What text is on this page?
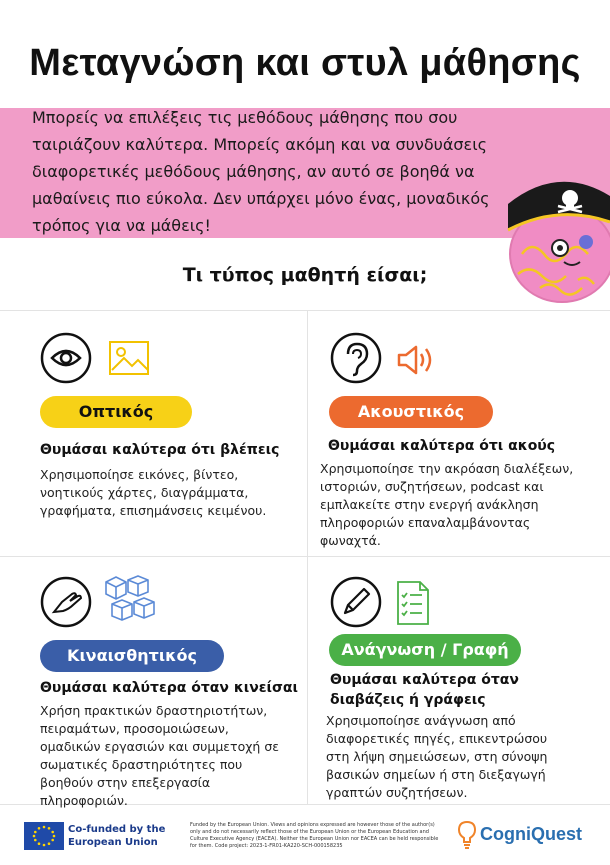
Μεταγνώση και στυλ μάθησης
Μπορείς να επιλέξεις τις μεθόδους μάθησης που σου ταιριάζουν καλύτερα. Μπορείς ακόμη και να συνδυάσεις διαφορετικές μεθόδους μάθησης, αν αυτό σε βοηθά να μαθαίνεις πιο εύκολα. Δεν υπάρχει μόνο ένας, μοναδικός τρόπος για να μάθεις!
Τι τύπος μαθητή είσαι;
Οπτικός
Θυμάσαι καλύτερα ότι βλέπεις
Χρησιμοποίησε εικόνες, βίντεο, νοητικούς χάρτες, διαγράμματα, γραφήματα, επισημάνσεις κειμένου.
Ακουστικός
Θυμάσαι καλύτερα ότι ακούς
Χρησιμοποίησε την ακρόαση διαλέξεων, ιστοριών, συζητήσεων, podcast και εμπλακείτε στην ενεργή ανάκληση πληροφοριών επαναλαμβάνοντας φωναχτά.
Κιναισθητικός
Θυμάσαι καλύτερα όταν κινείσαι
Χρήση πρακτικών δραστηριοτήτων, πειραμάτων, προσομοιώσεων, ομαδικών εργασιών και συμμετοχή σε σωματικές δραστηριότητες που βοηθούν στην επεξεργασία πληροφοριών.
Ανάγνωση / Γραφή
Θυμάσαι καλύτερα όταν διαβάζεις ή γράφεις
Χρησιμοποίησε ανάγνωση από διαφορετικές πηγές, επικεντρώσου στη λήψη σημειώσεων, στη σύνοψη βασικών σημείων ή στη διεξαγωγή γραπτών συζητήσεων.
Co-funded by the European Union
Funded by the European Union. Views and opinions expressed are however those of the author(s) only and do not necessarily reflect those of the European Union or the European Education and Culture Executive Agency (EACEA). Neither the European Union nor EACEA can be held responsible for them. Code project: 2023-1-FR01-KA220-SCH-000158235
CogniQuest
